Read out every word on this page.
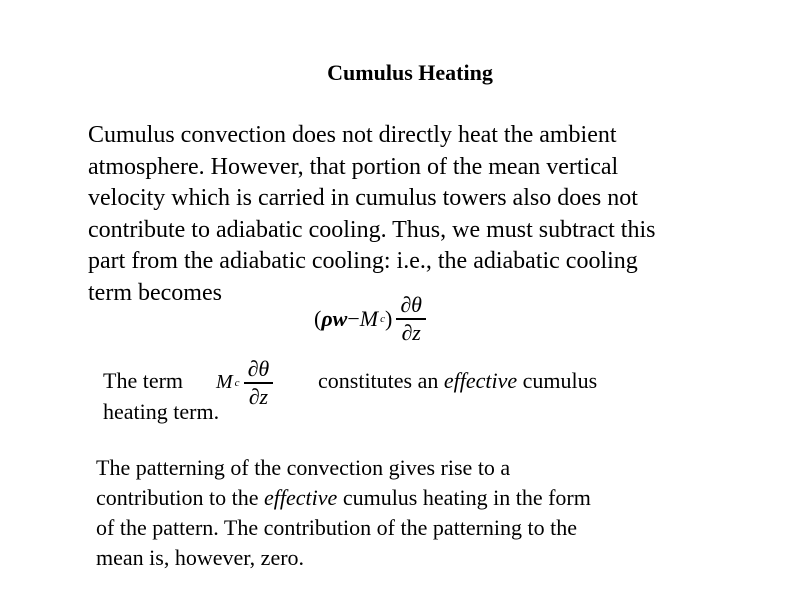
Cumulus Heating
Cumulus convection does not directly heat the ambient
atmosphere. However, that portion of the mean vertical
velocity which is carried in cumulus towers also does not
contribute to adiabatic cooling. Thus, we must subtract this
part from the adiabatic cooling: i.e., the adiabatic cooling
term becomes
( ρw − M c ) $\frac{\partial\theta}{\partial z}$
The term M c $\frac{\partial\theta}{\partial z}$ constitutes an effective cumulus
heating term.
The patterning of the convection gives rise to a
contribution to the effective cumulus heating in the form
of the pattern. The contribution of the patterning to the
mean is, however, zero.
